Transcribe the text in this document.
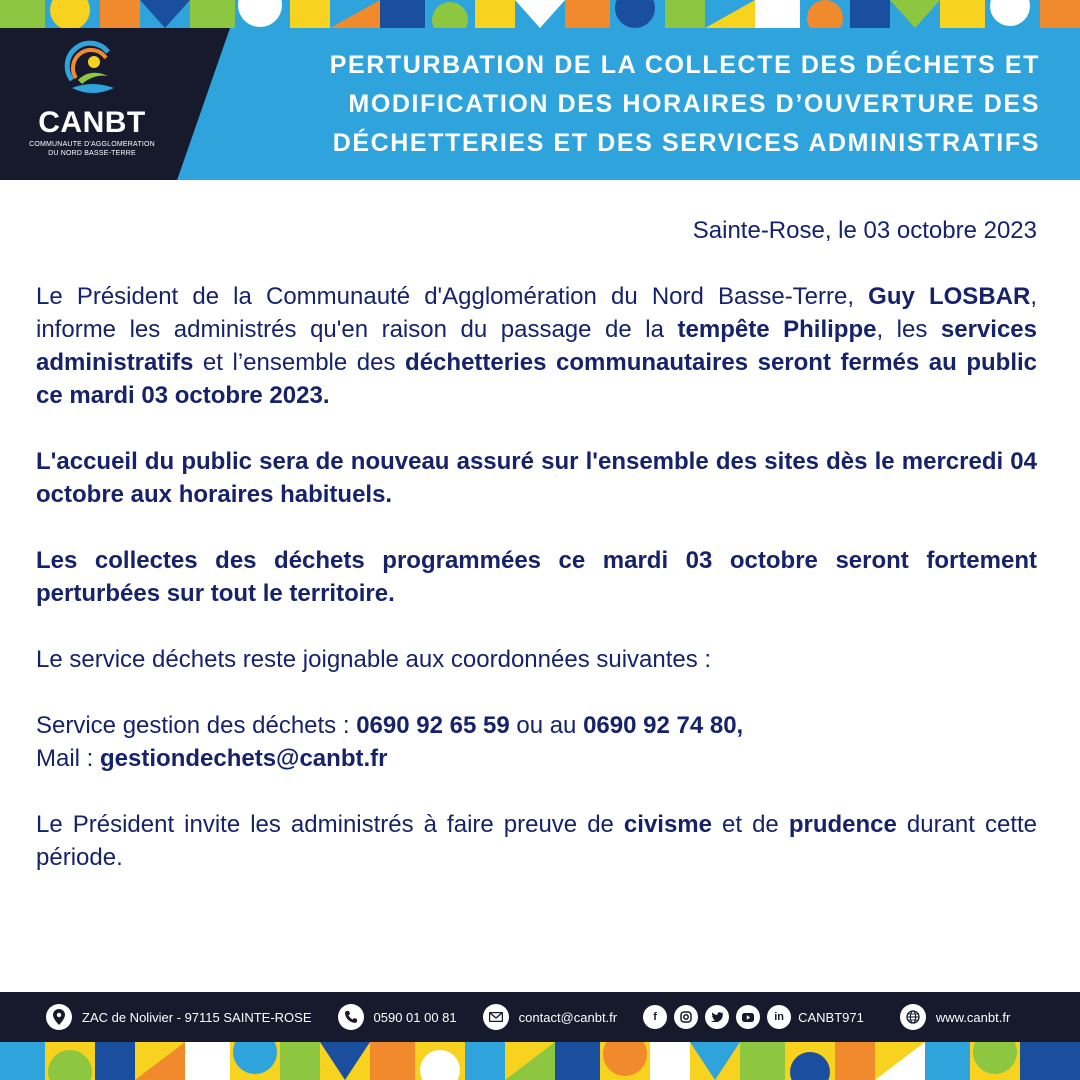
CANBT
COMMUNAUTE D'AGGLOMERATION
DU NORD BASSE-TERRE
PERTURBATION DE LA COLLECTE DES DÉCHETS ET
MODIFICATION DES HORAIRES D’OUVERTURE DES
DÉCHETTERIES ET DES SERVICES ADMINISTRATIFS
Sainte-Rose, le 03 octobre 2023

Le Président de la Communauté d'Agglomération du Nord Basse-Terre, Guy LOSBAR, informe les administrés qu'en raison du passage de la tempête Philippe, les services administratifs et l’ensemble des déchetteries communautaires seront fermés au public ce mardi 03 octobre 2023.

L'accueil du public sera de nouveau assuré sur l'ensemble des sites dès le mercredi 04 octobre aux horaires habituels.

Les collectes des déchets programmées ce mardi 03 octobre seront fortement perturbées sur tout le territoire.

Le service déchets reste joignable aux coordonnées suivantes :

Service gestion des déchets : 0690 92 65 59 ou au 0690 92 74 80,
Mail : gestiondechets@canbt.fr

Le Président invite les administrés à faire preuve de civisme et de prudence durant cette période.

ZAC de Nolivier - 97115 SAINTE-ROSE	0590 01 00 81	contact@canbt.fr	f	in	CANBT971	www.canbt.fr
